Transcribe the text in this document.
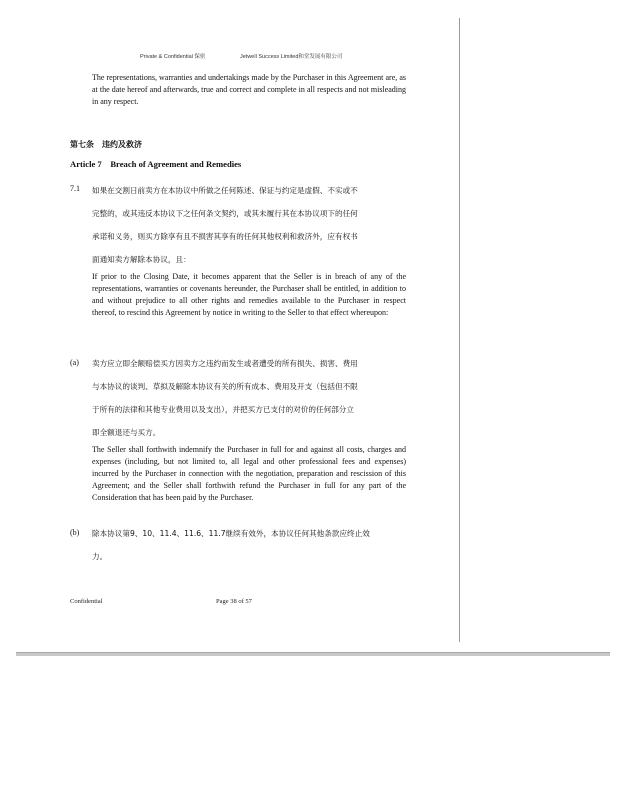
Private & Confidential 保密	Jetwell Success Limited和堂发展有限公司

The representations, warranties and undertakings made by the Purchaser in this Agreement are, as at the date hereof and afterwards, true and correct and complete in all respects and not misleading in any respect.

第七条　违约及救济
Article 7　Breach of Agreement and Remedies
7.1 如果在交割日前卖方在本协议中所做之任何陈述、保证与约定是虚假、不实或不

完整的，或其违反本协议下之任何条文契约，或其未履行其在本协议项下的任何

承诺和义务，则买方除享有且不损害其享有的任何其他权利和救济外，应有权书

面通知卖方解除本协议，且：

If prior to the Closing Date, it becomes apparent that the Seller is in breach of any of the representations, warranties or covenants hereunder, the Purchaser shall be entitled, in addition to and without prejudice to all other rights and remedies available to the Purchaser in respect thereof, to rescind this Agreement by notice in writing to the Seller to that effect whereupon:

(a) 卖方应立即全额赔偿买方因卖方之违约而发生或者遭受的所有损失、损害、费用

与本协议的谈判、草拟及解除本协议有关的所有成本、费用及开支（包括但不限

于所有的法律和其他专业费用以及支出），并把买方已支付的对价的任何部分立

即全额退还与买方。

The Seller shall forthwith indemnify the Purchaser in full for and against all costs, charges and expenses (including, but not limited to, all legal and other professional fees and expenses) incurred by the Purchaser in connection with the negotiation, preparation and rescission of this Agreement; and the Seller shall forthwith refund the Purchaser in full for any part of the Consideration that has been paid by the Purchaser.

(b) 除本协议第9、10、11.4、11.6、11.7继续有效外，本协议任何其他条款应终止效

力。

Confidential	Page 38 of 57
